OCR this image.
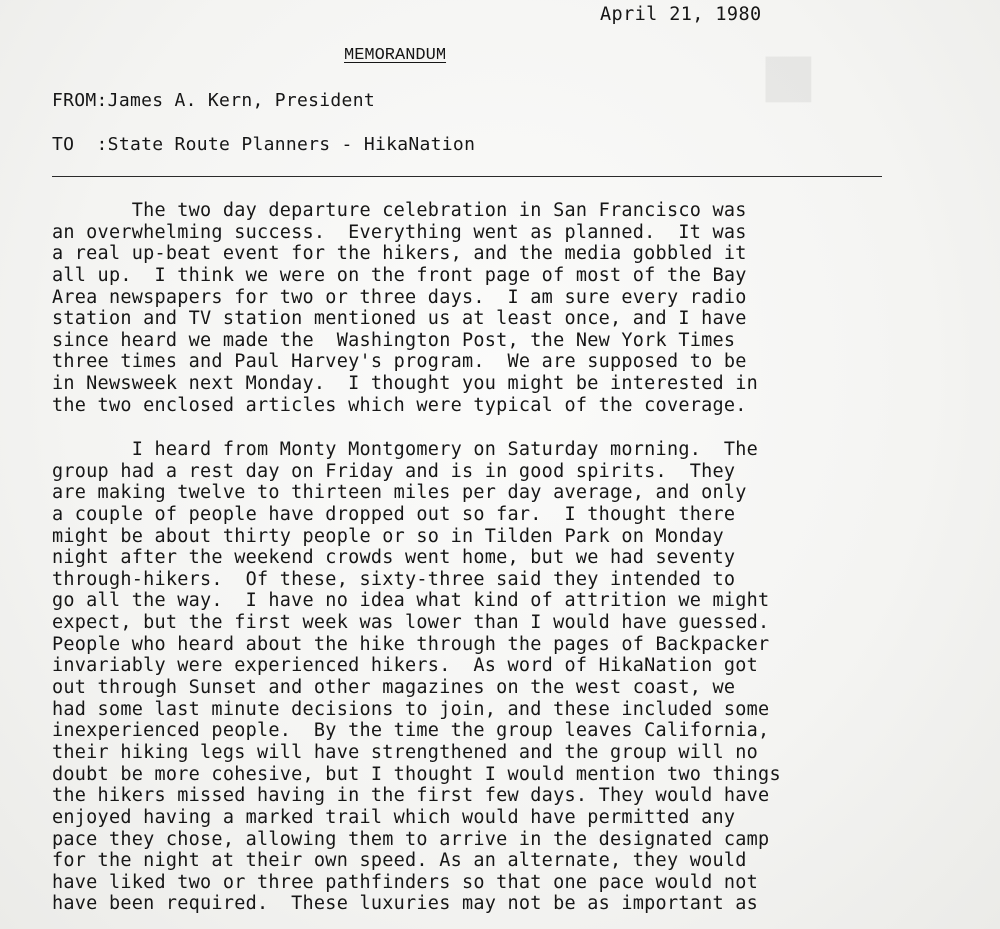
■
April 21, 1980
MEMORANDUM
FROM:James A. Kern, President
TO  :State Route Planners - HikaNation
The two day departure celebration in San Francisco was
an overwhelming success.  Everything went as planned.  It was
a real up-beat event for the hikers, and the media gobbled it
all up.  I think we were on the front page of most of the Bay
Area newspapers for two or three days.  I am sure every radio
station and TV station mentioned us at least once, and I have
since heard we made the  Washington Post, the New York Times
three times and Paul Harvey's program.  We are supposed to be
in Newsweek next Monday.  I thought you might be interested in
the two enclosed articles which were typical of the coverage.
I heard from Monty Montgomery on Saturday morning.  The
group had a rest day on Friday and is in good spirits.  They
are making twelve to thirteen miles per day average, and only
a couple of people have dropped out so far.  I thought there
might be about thirty people or so in Tilden Park on Monday
night after the weekend crowds went home, but we had seventy
through-hikers.  Of these, sixty-three said they intended to
go all the way.  I have no idea what kind of attrition we might
expect, but the first week was lower than I would have guessed.
People who heard about the hike through the pages of Backpacker
invariably were experienced hikers.  As word of HikaNation got
out through Sunset and other magazines on the west coast, we
had some last minute decisions to join, and these included some
inexperienced people.  By the time the group leaves California,
their hiking legs will have strengthened and the group will no
doubt be more cohesive, but I thought I would mention two things
the hikers missed having in the first few days. They would have
enjoyed having a marked trail which would have permitted any
pace they chose, allowing them to arrive in the designated camp
for the night at their own speed. As an alternate, they would
have liked two or three pathfinders so that one pace would not
have been required.  These luxuries may not be as important as
